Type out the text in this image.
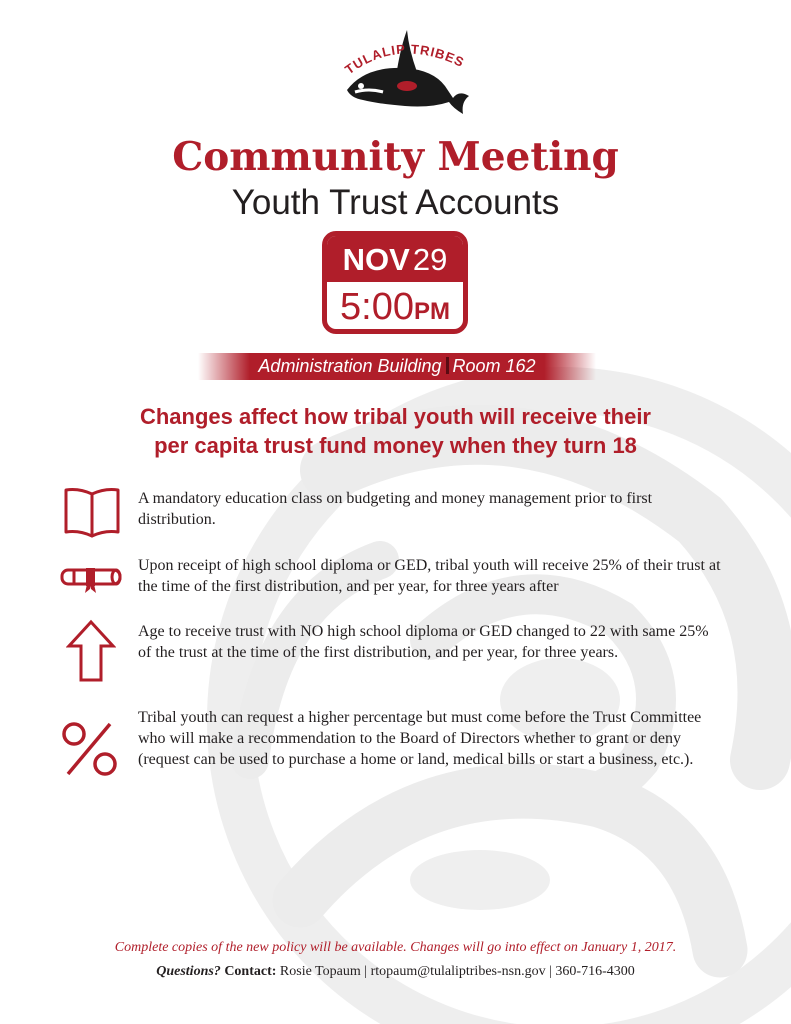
TULALIP TRIBES
Community Meeting
Youth Trust Accounts
NOV29
5:00PM
Administration Building Room 162
Changes affect how tribal youth will receive their
per capita trust fund money when they turn 18
A mandatory education class on budgeting and money management prior to first distribution.
Upon receipt of high school diploma or GED, tribal youth will receive 25% of their trust at the time of the first distribution, and per year, for three years after
Age to receive trust with NO high school diploma or GED changed to 22 with same 25% of the trust at the time of the first distribution, and per year, for three years.
Tribal youth can request a higher percentage but must come before the Trust Committee who will make a recommendation to the Board of Directors whether to grant or deny (request can be used to purchase a home or land, medical bills or start a business, etc.).
Complete copies of the new policy will be available. Changes will go into effect on January 1, 2017.
Questions? Contact: Rosie Topaum | rtopaum@tulaliptribes-nsn.gov | 360-716-4300
